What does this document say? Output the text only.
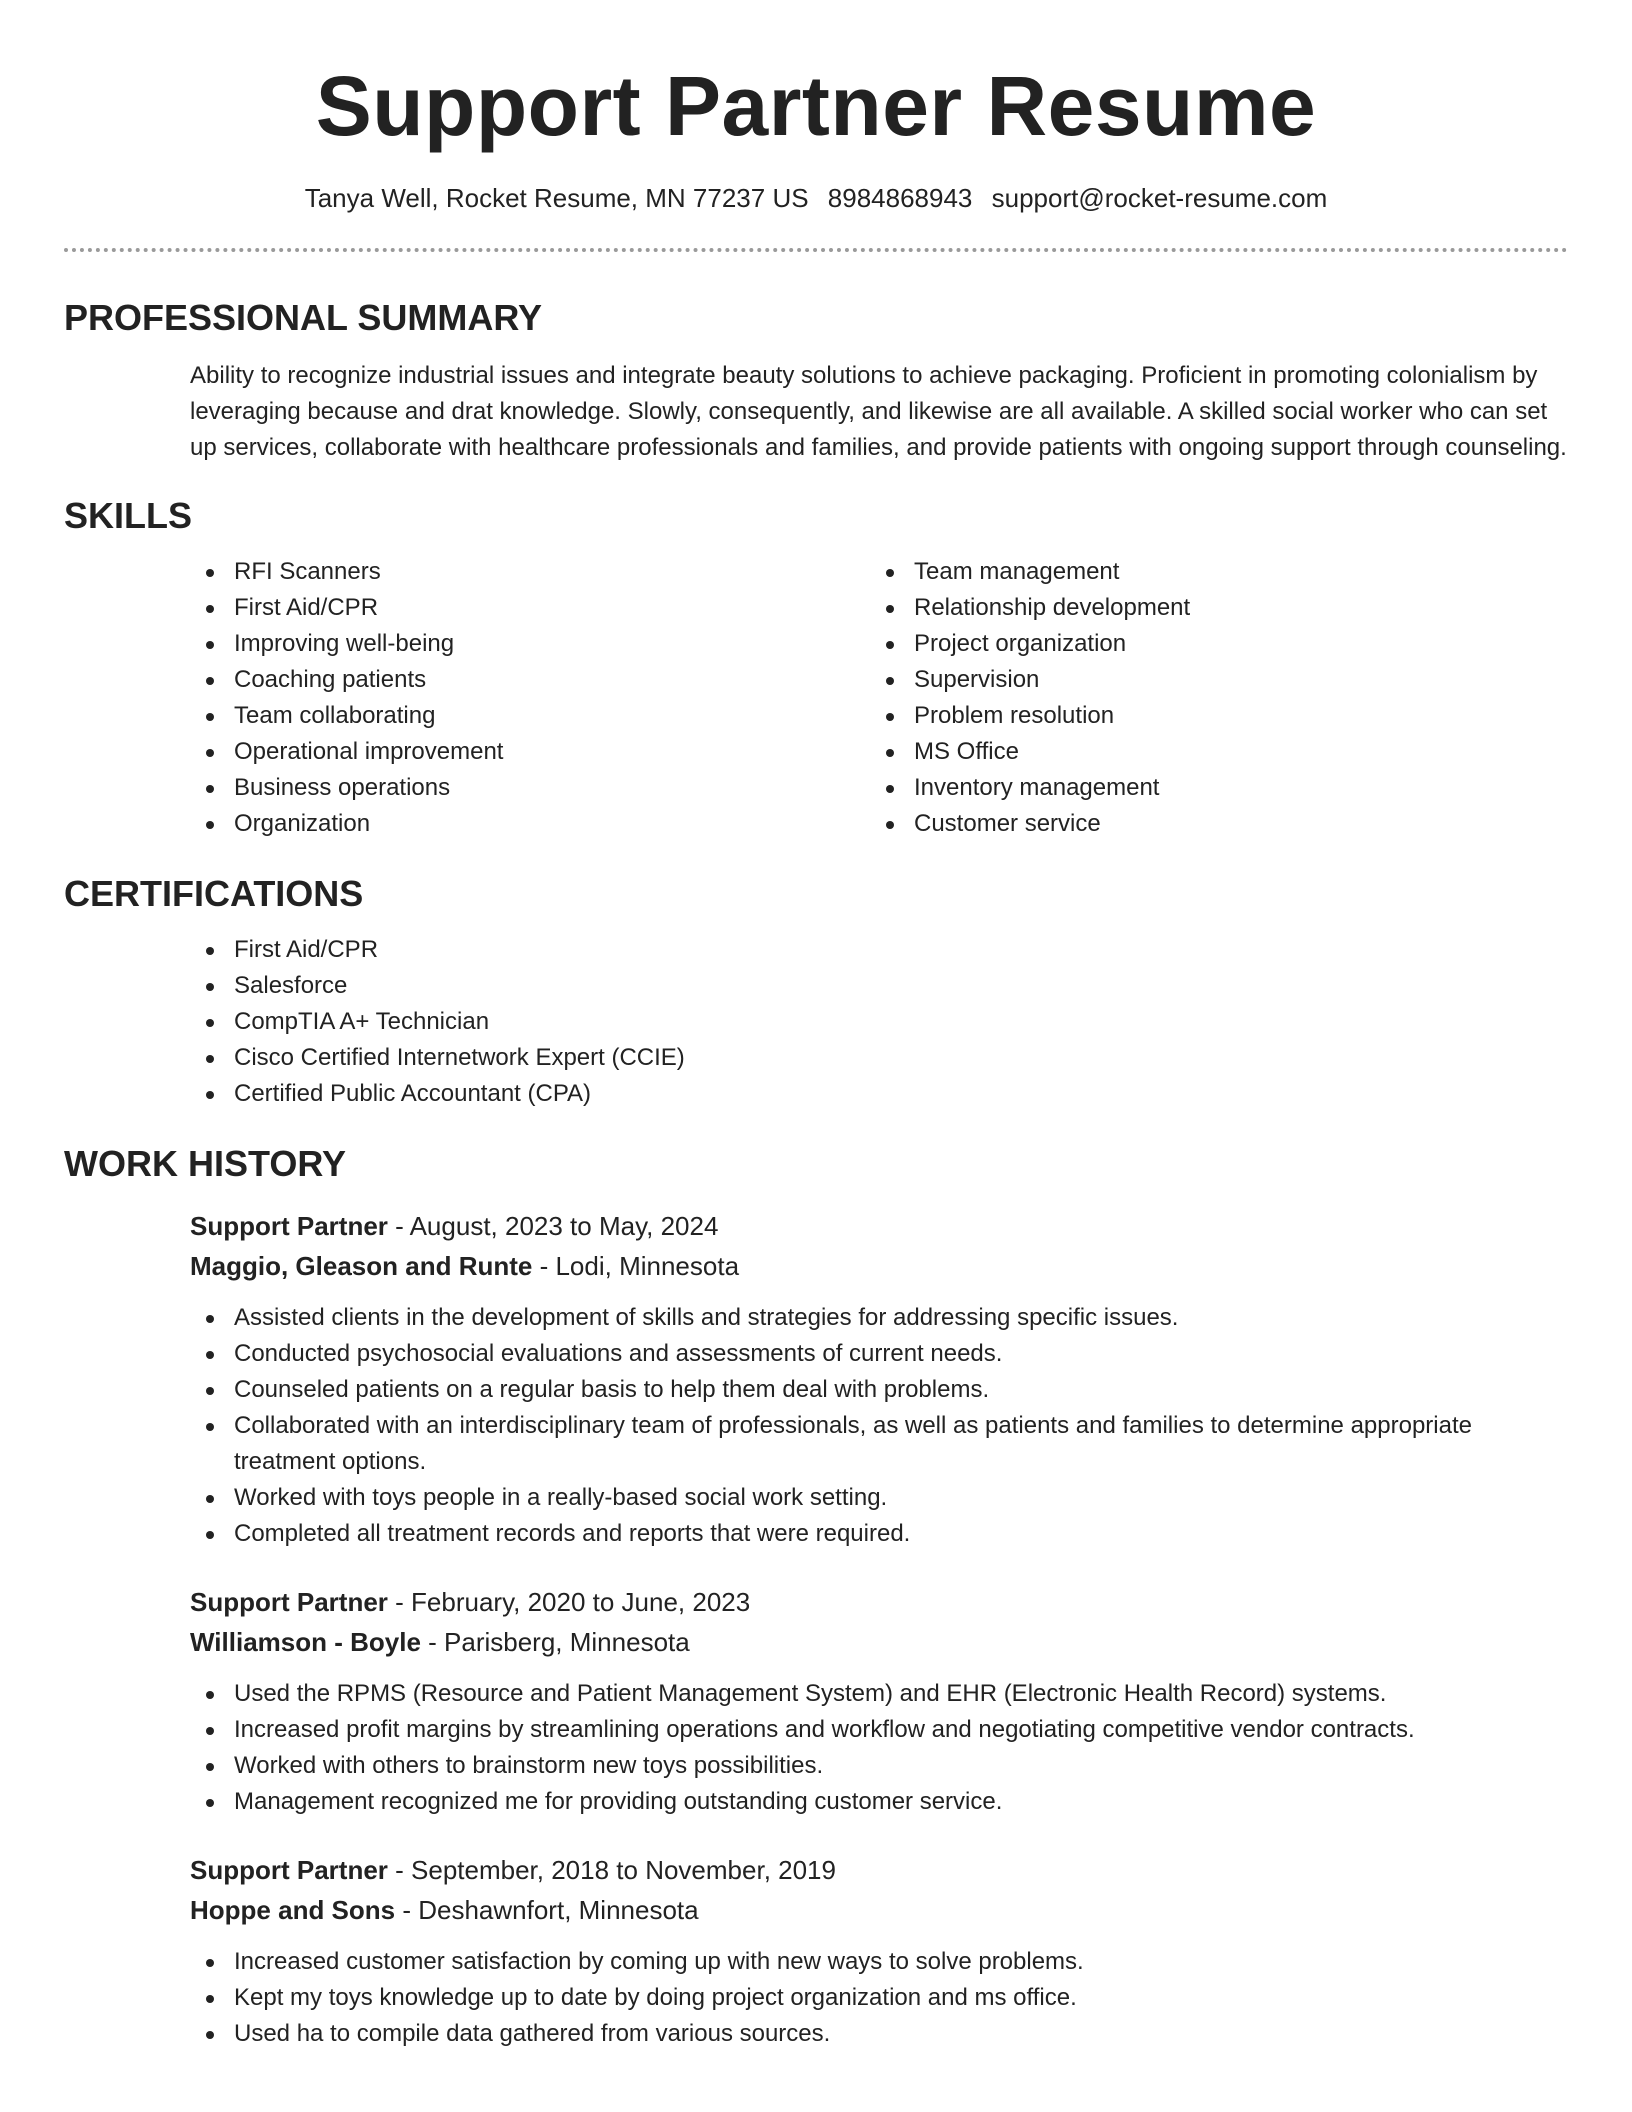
Support Partner Resume
Tanya Well, Rocket Resume, MN 77237 US 8984868943 support@rocket-resume.com
PROFESSIONAL SUMMARY

Ability to recognize industrial issues and integrate beauty solutions to achieve packaging. Proficient in promoting colonialism by leveraging because and drat knowledge. Slowly, consequently, and likewise are all available. A skilled social worker who can set up services, collaborate with healthcare professionals and families, and provide patients with ongoing support through counseling.

SKILLS
RFI Scanners
First Aid/CPR
Improving well-being
Coaching patients
Team collaborating
Operational improvement
Business operations
Organization
Team management
Relationship development
Project organization
Supervision
Problem resolution
MS Office
Inventory management
Customer service
CERTIFICATIONS
First Aid/CPR
Salesforce
CompTIA A+ Technician
Cisco Certified Internetwork Expert (CCIE)
Certified Public Accountant (CPA)
WORK HISTORY
Support Partner - August, 2023 to May, 2024
Maggio, Gleason and Runte - Lodi, Minnesota
Assisted clients in the development of skills and strategies for addressing specific issues.
Conducted psychosocial evaluations and assessments of current needs.
Counseled patients on a regular basis to help them deal with problems.
Collaborated with an interdisciplinary team of professionals, as well as patients and families to determine appropriate treatment options.
Worked with toys people in a really-based social work setting.
Completed all treatment records and reports that were required.
Support Partner - February, 2020 to June, 2023
Williamson - Boyle - Parisberg, Minnesota
Used the RPMS (Resource and Patient Management System) and EHR (Electronic Health Record) systems.
Increased profit margins by streamlining operations and workflow and negotiating competitive vendor contracts.
Worked with others to brainstorm new toys possibilities.
Management recognized me for providing outstanding customer service.
Support Partner - September, 2018 to November, 2019
Hoppe and Sons - Deshawnfort, Minnesota
Increased customer satisfaction by coming up with new ways to solve problems.
Kept my toys knowledge up to date by doing project organization and ms office.
Used ha to compile data gathered from various sources.
